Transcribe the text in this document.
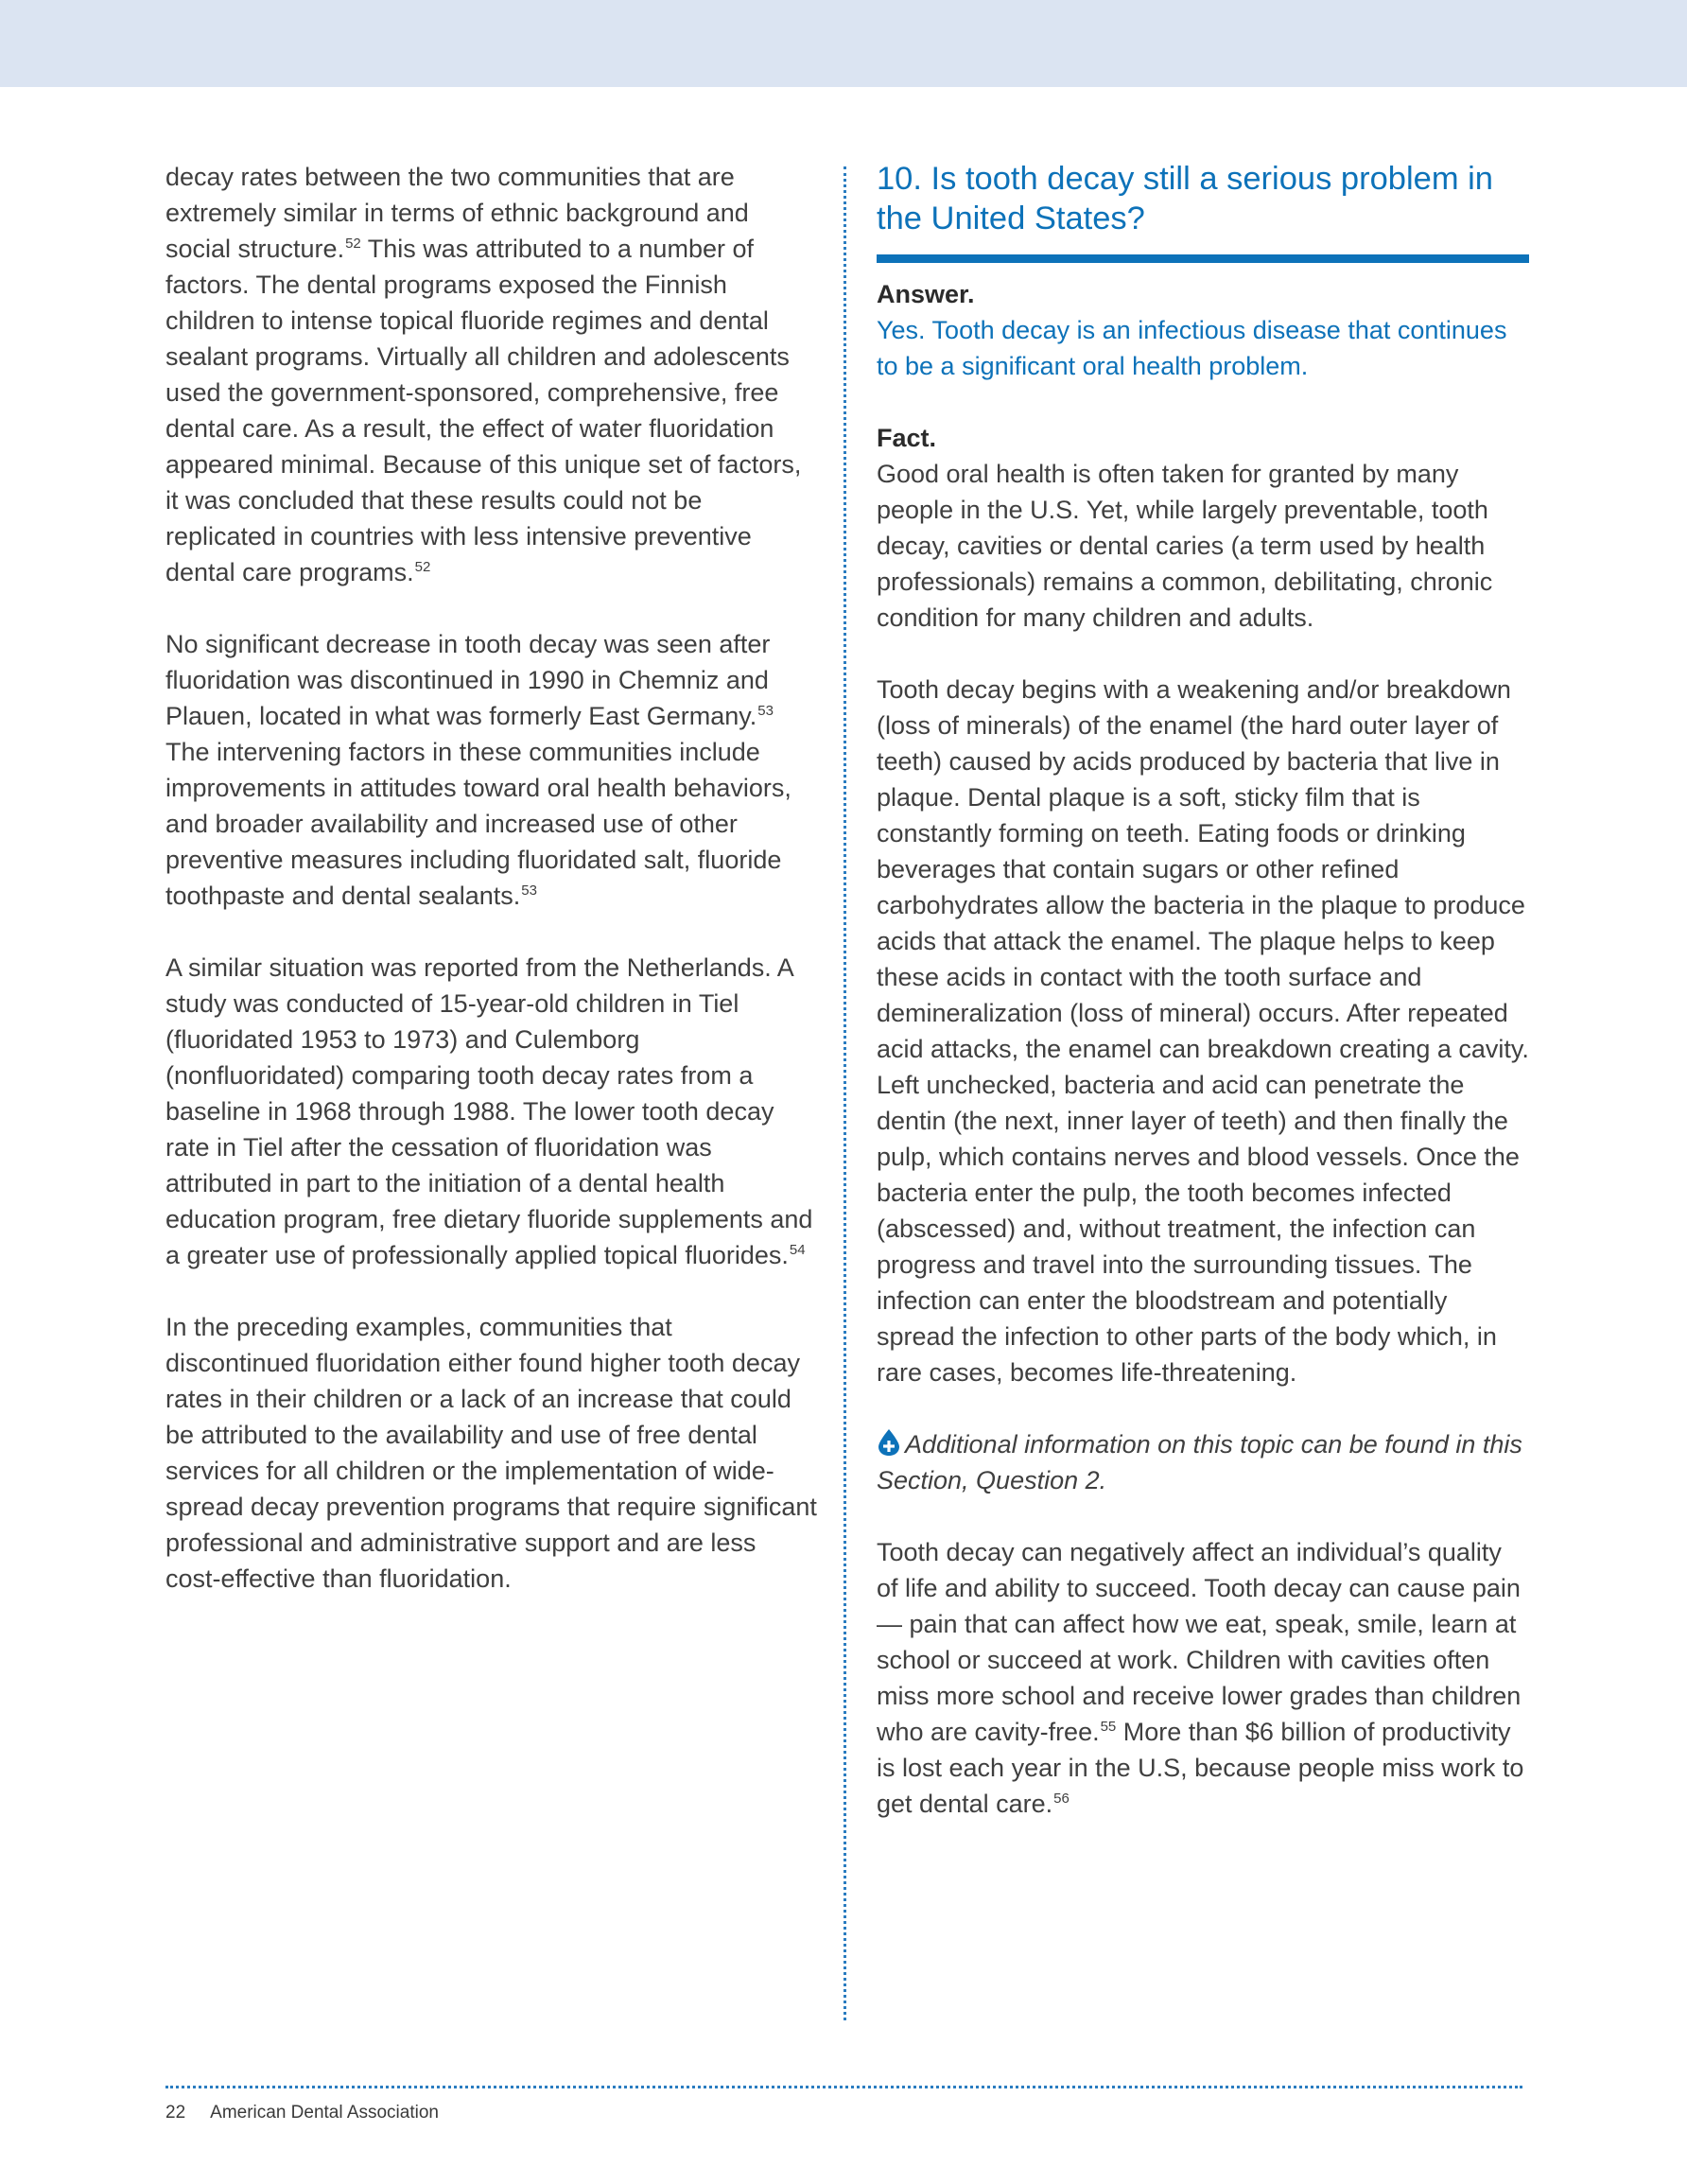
decay rates between the two communities that are extremely similar in terms of ethnic background and social structure.$^{52}$ This was attributed to a number of factors. The dental programs exposed the Finnish children to intense topical fluoride regimes and dental sealant programs. Virtually all children and adolescents used the government-sponsored, comprehensive, free dental care. As a result, the effect of water fluoridation appeared minimal. Because of this unique set of factors, it was concluded that these results could not be replicated in countries with less intensive preventive dental care programs.$^{52}$

No significant decrease in tooth decay was seen after fluoridation was discontinued in 1990 in Chemniz and Plauen, located in what was formerly East Germany.$^{53}$ The intervening factors in these communities include improvements in attitudes toward oral health behaviors, and broader availability and increased use of other preventive measures including fluoridated salt, fluoride toothpaste and dental sealants.$^{53}$

A similar situation was reported from the Netherlands. A study was conducted of 15-year-old children in Tiel (fluoridated 1953 to 1973) and Culemborg (nonfluoridated) comparing tooth decay rates from a baseline in 1968 through 1988. The lower tooth decay rate in Tiel after the cessation of fluoridation was attributed in part to the initiation of a dental health education program, free dietary fluoride supplements and a greater use of professionally applied topical fluorides.$^{54}$

In the preceding examples, communities that discontinued fluoridation either found higher tooth decay rates in their children or a lack of an increase that could be attributed to the availability and use of free dental services for all children or the implementation of wide-spread decay prevention programs that require significant professional and administrative support and are less cost-effective than fluoridation.

10. Is tooth decay still a serious problem in the United States?
Answer.

Yes. Tooth decay is an infectious disease that continues to be a significant oral health problem.

Fact.

Good oral health is often taken for granted by many people in the U.S. Yet, while largely preventable, tooth decay, cavities or dental caries (a term used by health professionals) remains a common, debilitating, chronic condition for many children and adults.

Tooth decay begins with a weakening and/or breakdown (loss of minerals) of the enamel (the hard outer layer of teeth) caused by acids produced by bacteria that live in plaque. Dental plaque is a soft, sticky film that is constantly forming on teeth. Eating foods or drinking beverages that contain sugars or other refined carbohydrates allow the bacteria in the plaque to produce acids that attack the enamel. The plaque helps to keep these acids in contact with the tooth surface and demineralization (loss of mineral) occurs. After repeated acid attacks, the enamel can breakdown creating a cavity. Left unchecked, bacteria and acid can penetrate the dentin (the next, inner layer of teeth) and then finally the pulp, which contains nerves and blood vessels. Once the bacteria enter the pulp, the tooth becomes infected (abscessed) and, without treatment, the infection can progress and travel into the surrounding tissues. The infection can enter the bloodstream and potentially spread the infection to other parts of the body which, in rare cases, becomes life-threatening.

Additional information on this topic can be found in this Section, Question 2.

Tooth decay can negatively affect an individual’s quality of life and ability to succeed. Tooth decay can cause pain — pain that can affect how we eat, speak, smile, learn at school or succeed at work. Children with cavities often miss more school and receive lower grades than children who are cavity-free.$^{55}$ More than $6 billion of productivity is lost each year in the U.S, because people miss work to get dental care.$^{56}$

22 American Dental Association
